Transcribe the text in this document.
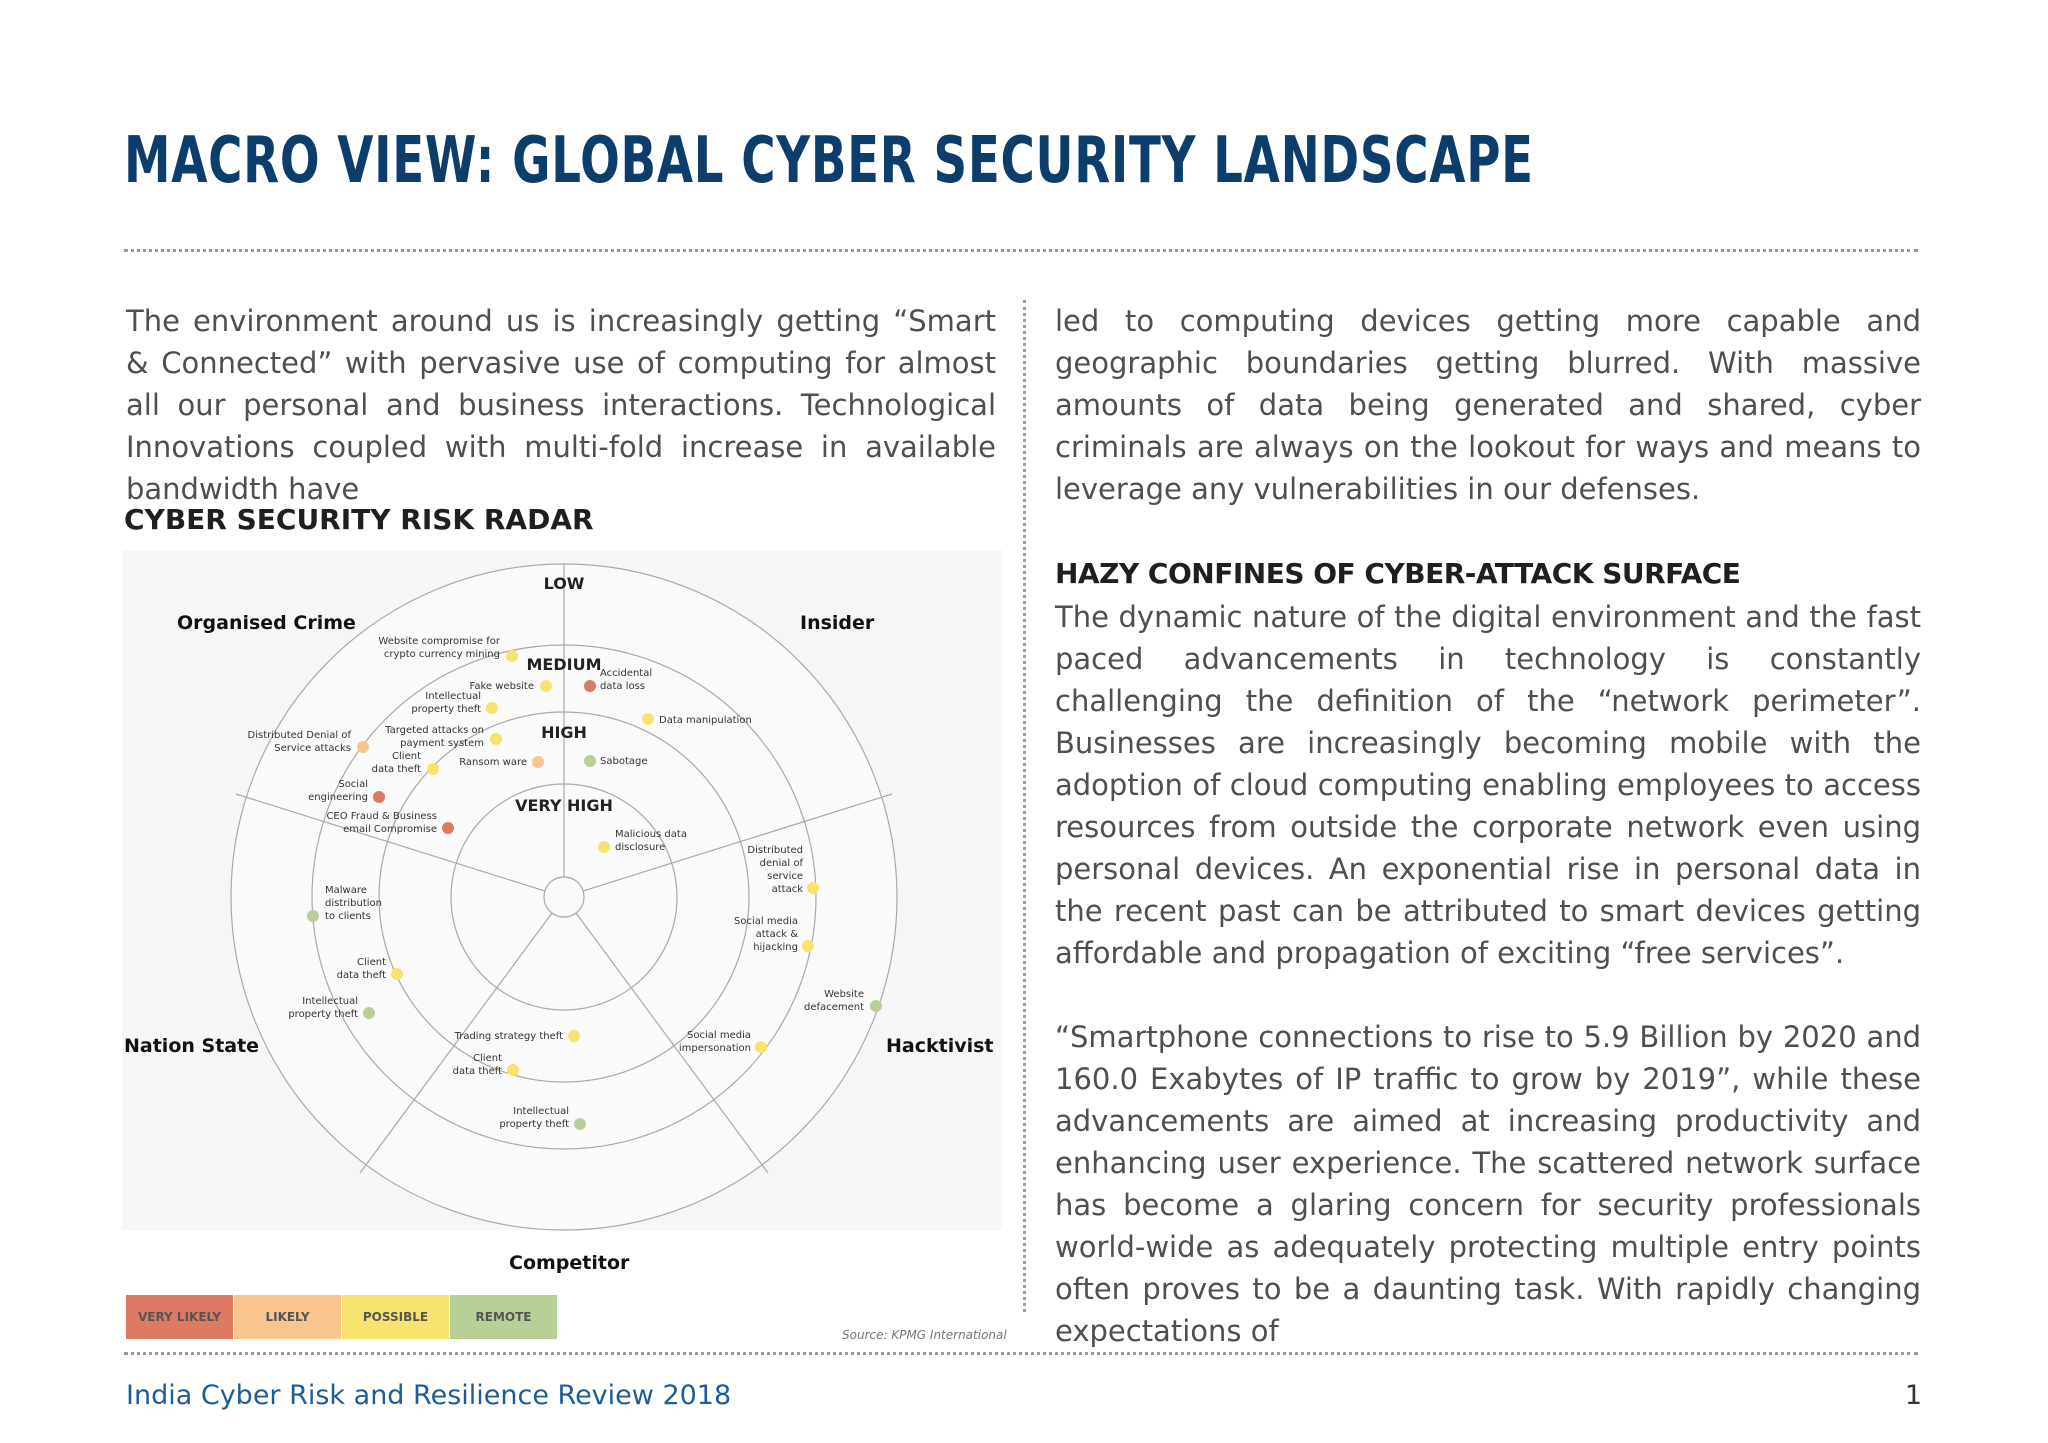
MACRO VIEW: GLOBAL CYBER SECURITY LANDSCAPE

The environment around us is increasingly getting “Smart & Connected” with pervasive use of computing for almost all our personal and business interactions. Technological Innovations coupled with multi-fold increase in available bandwidth have

CYBER SECURITY RISK RADAR
LOW
MEDIUM
HIGH
VERY HIGH
Organised Crime	Insider
Nation State	Hacktivist
Competitor
Website compromise for crypto currency mining
Fake website
Accidental data loss
Intellectual property theft
Data manipulation
Distributed Denial of Service attacks
Targeted attacks on payment system
Client data theft
Ransom ware	Sabotage
Social engineering
CEO Fraud & Business email Compromise	Malicious data disclosure
Malware distribution to clients
Distributed denial of service attack
Social media attack & hijacking
Client data theft
Intellectual property theft
Website defacement
Trading strategy theft	Social media impersonation
Client data theft
Intellectual property theft
VERY LIKELY	LIKELY	POSSIBLE	REMOTE
Source: KPMG International

led to computing devices getting more capable and geographic boundaries getting blurred. With massive amounts of data being generated and shared, cyber criminals are always on the lookout for ways and means to leverage any vulnerabilities in our defenses.

HAZY CONFINES OF CYBER-ATTACK SURFACE

The dynamic nature of the digital environment and the fast paced advancements in technology is constantly challenging the definition of the “network perimeter”. Businesses are increasingly becoming mobile with the adoption of cloud computing enabling employees to access resources from outside the corporate network even using personal devices. An exponential rise in personal data in the recent past can be attributed to smart devices getting affordable and propagation of exciting “free services”.

“Smartphone connections to rise to 5.9 Billion by 2020 and 160.0 Exabytes of IP traffic to grow by 2019”, while these advancements are aimed at increasing productivity and enhancing user experience. The scattered network surface has become a glaring concern for security professionals world-wide as adequately protecting multiple entry points often proves to be a daunting task. With rapidly changing expectations of

India Cyber Risk and Resilience Review 2018	1
